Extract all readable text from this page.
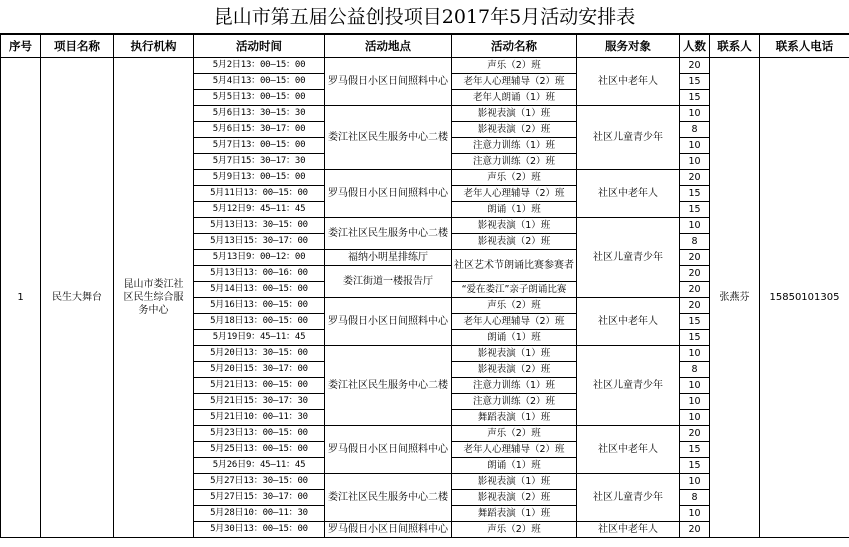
昆山市第五届公益创投项目2017年5月活动安排表
序号	项目名称	执行机构	活动时间	活动地点	活动名称	服务对象	人数	联系人	联系人电话
1	民生大舞台	昆山市娄江社区民生综合服务中心	5月2日13：00—15：00	罗马假日小区日间照料中心	声乐（2）班	社区中老年人	20	张燕芬	15850101305
			5月4日13：00—15：00		老年人心理辅导（2）班		15		
			5月5日13：00—15：00		老年人朗诵（1）班		15		
			5月6日13：30—15：30	娄江社区民生服务中心二楼	影视表演（1）班	社区儿童青少年	10		
			5月6日15：30—17：00		影视表演（2）班		8		
			5月7日13：00—15：00		注意力训练（1）班		10		
			5月7日15：30—17：30		注意力训练（2）班		10		
			5月9日13：00—15：00	罗马假日小区日间照料中心	声乐（2）班	社区中老年人	20		
			5月11日13：00—15：00		老年人心理辅导（2）班		15		
			5月12日9：45—11：45		朗诵（1）班		15		
			5月13日13：30—15：00	娄江社区民生服务中心二楼	影视表演（1）班	社区儿童青少年	10		
			5月13日15：30—17：00		影视表演（2）班		8		
			5月13日9：00—12：00	福纳小明星排练厅	社区艺术节朗诵比赛参赛者		20		
			5月13日13：00—16：00	娄江街道一楼报告厅			20		
			5月14日13：00—15：00		“爱在娄江”亲子朗诵比赛		20		
			5月16日13：00—15：00	罗马假日小区日间照料中心	声乐（2）班	社区中老年人	20		
			5月18日13：00—15：00		老年人心理辅导（2）班		15		
			5月19日9：45—11：45		朗诵（1）班		15		
			5月20日13：30—15：00	娄江社区民生服务中心二楼	影视表演（1）班	社区儿童青少年	10		
			5月20日15：30—17：00		影视表演（2）班		8		
			5月21日13：00—15：00		注意力训练（1）班		10		
			5月21日15：30—17：30		注意力训练（2）班		10		
			5月21日10：00—11：30		舞蹈表演（1）班		10		
			5月23日13：00—15：00	罗马假日小区日间照料中心	声乐（2）班	社区中老年人	20		
			5月25日13：00—15：00		老年人心理辅导（2）班		15		
			5月26日9：45—11：45		朗诵（1）班		15		
			5月27日13：30—15：00	娄江社区民生服务中心二楼	影视表演（1）班	社区儿童青少年	10		
			5月27日15：30—17：00		影视表演（2）班		8		
			5月28日10：00—11：30		舞蹈表演（1）班		10		
			5月30日13：00—15：00	罗马假日小区日间照料中心	声乐（2）班	社区中老年人	20		
